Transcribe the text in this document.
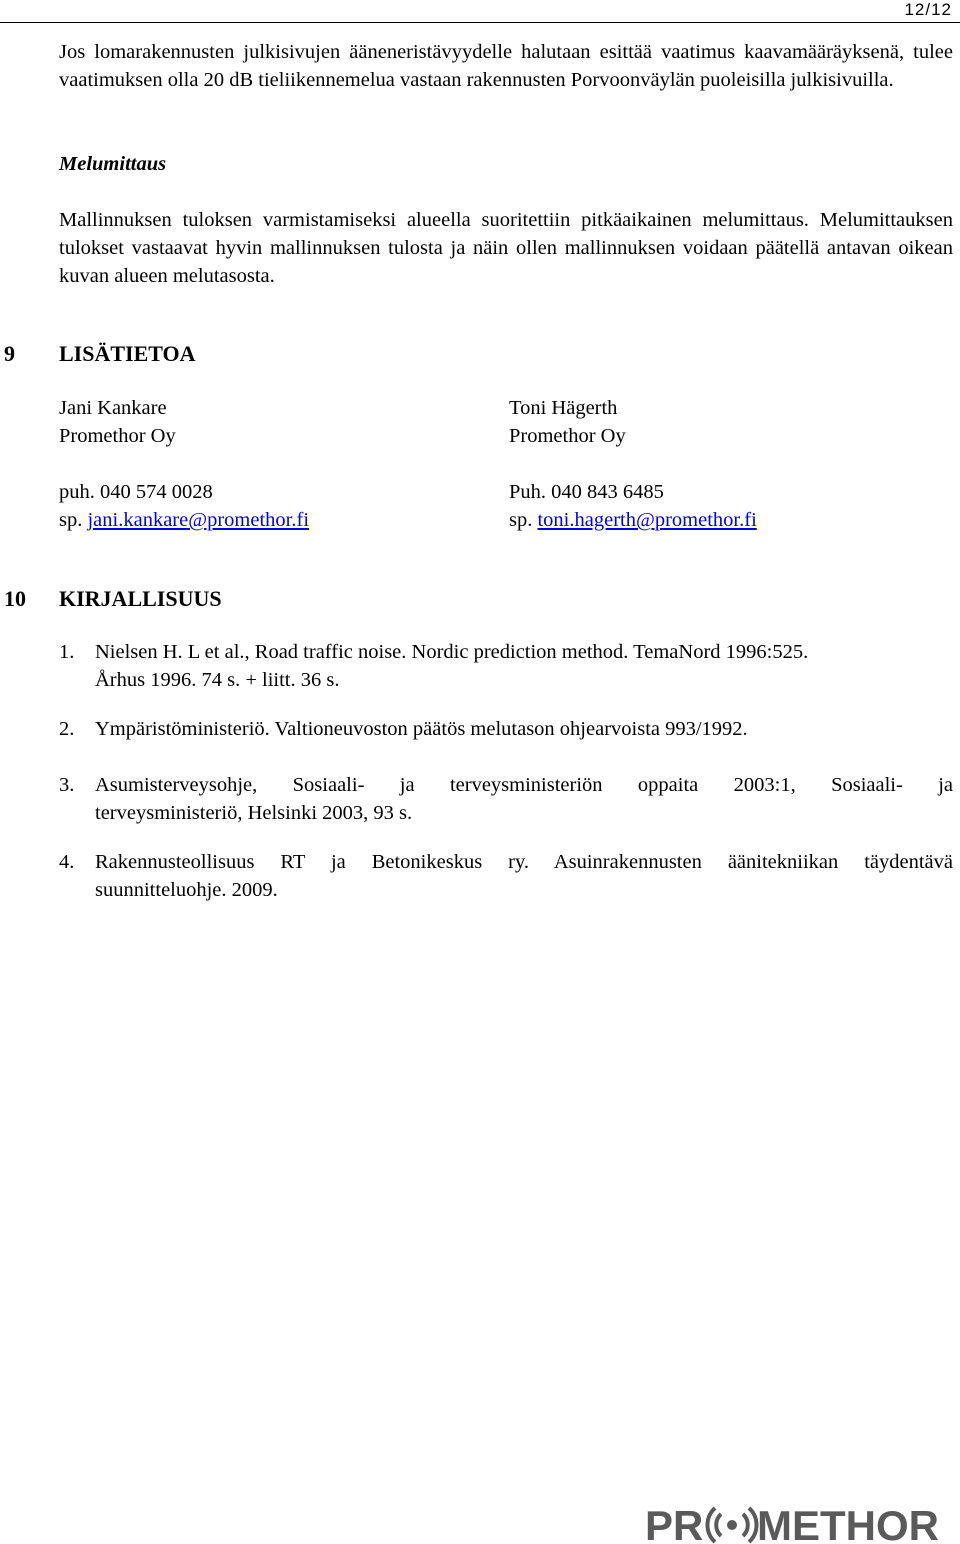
12/12
Jos lomarakennusten julkisivujen ääneneristävyydelle halutaan esittää vaatimus kaavamääräyksenä, tulee vaatimuksen olla 20 dB tieliikennemelua vastaan rakennusten Porvoonväylän puoleisilla julkisivuilla.
Melumittaus
Mallinnuksen tuloksen varmistamiseksi alueella suoritettiin pitkäaikainen melumittaus. Melumittauksen tulokset vastaavat hyvin mallinnuksen tulosta ja näin ollen mallinnuksen voidaan päätellä antavan oikean kuvan alueen melutasosta.
9 LISÄTIETOA
Jani Kankare
Promethor Oy
puh. 040 574 0028
sp. jani.kankare@promethor.fi
Toni Hägerth
Promethor Oy
Puh. 040 843 6485
sp. toni.hagerth@promethor.fi
10 KIRJALLISUUS
1. Nielsen H. L et al., Road traffic noise. Nordic prediction method. TemaNord 1996:525.
Århus 1996. 74 s. + liitt. 36 s.
2. Ympäristöministeriö. Valtioneuvoston päätös melutason ohjearvoista 993/1992.
3. Asumisterveysohje, Sosiaali- ja terveysministeriön oppaita 2003:1, Sosiaali- ja
terveysministeriö, Helsinki 2003, 93 s.
4. Rakennusteollisuus RT ja Betonikeskus ry. Asuinrakennusten äänitekniikan täydentävä
suunnitteluohje. 2009.
PR METHOR
